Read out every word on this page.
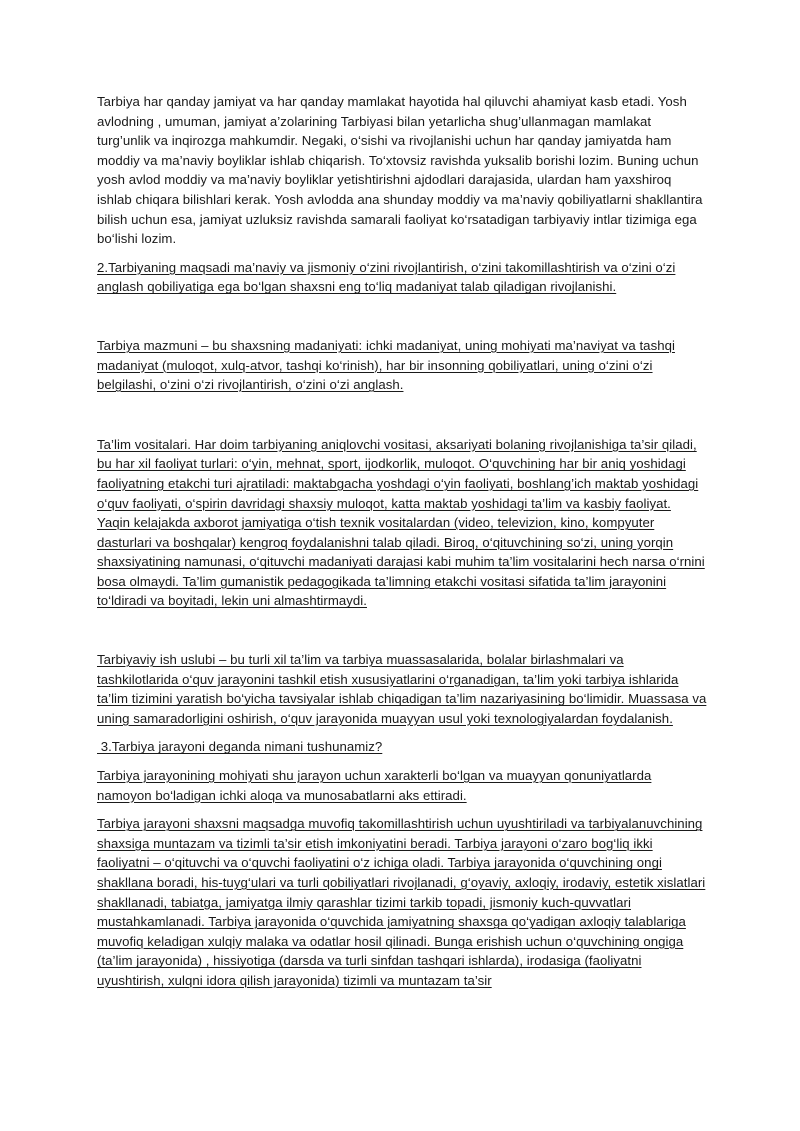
Tarbiya har qanday jamiyat va har qanday mamlakat hayotida hal qiluvchi ahamiyat kasb etadi. Yosh avlodning , umuman, jamiyat a’zolarining Tarbiyasi bilan yetarlicha shug’ullanmagan mamlakat turg’unlik va inqirozga mahkumdir. Negaki, o‘sishi va rivojlanishi uchun har qanday jamiyatda ham moddiy va ma’naviy boyliklar ishlab chiqarish. To‘xtovsiz ravishda yuksalib borishi lozim. Buning uchun yosh avlod moddiy va ma’naviy boyliklar yetishtirishni ajdodlari darajasida, ulardan ham yaxshiroq ishlab chiqara bilishlari kerak. Yosh avlodda ana shunday moddiy va ma’naviy qobiliyatlarni shakllantira bilish uchun esa, jamiyat uzluksiz ravishda samarali faoliyat ko‘rsatadigan tarbiyaviy intlar tizimiga ega bo‘lishi lozim.

2.Tarbiyaning maqsadi ma’naviy va jismoniy o‘zini rivojlantirish, o‘zini takomillashtirish va o‘zini o‘zi anglash qobiliyatiga ega bo‘lgan shaxsni eng to‘liq madaniyat talab qiladigan rivojlanishi.

Tarbiya mazmuni – bu shaxsning madaniyati: ichki madaniyat, uning mohiyati ma’naviyat va tashqi madaniyat (muloqot, xulq-atvor, tashqi ko‘rinish), har bir insonning qobiliyatlari, uning o‘zini o‘zi belgilashi, o‘zini o‘zi rivojlantirish, o‘zini o‘zi anglash.

Ta’lim vositalari. Har doim tarbiyaning aniqlovchi vositasi, aksariyati bolaning rivojlanishiga ta’sir qiladi, bu har xil faoliyat turlari: o‘yin, mehnat, sport, ijodkorlik, muloqot. O‘quvchining har bir aniq yoshidagi faoliyatning etakchi turi ajratiladi: maktabgacha yoshdagi o‘yin faoliyati, boshlang’ich maktab yoshidagi o‘quv faoliyati, o‘spirin davridagi shaxsiy muloqot, katta maktab yoshidagi ta’lim va kasbiy faoliyat. Yaqin kelajakda axborot jamiyatiga o‘tish texnik vositalardan (video, televizion, kino, kompyuter dasturlari va boshqalar) kengroq foydalanishni talab qiladi. Biroq, o‘qituvchining so‘zi, uning yorqin shaxsiyatining namunasi, o‘qituvchi madaniyati darajasi kabi muhim ta’lim vositalarini hech narsa o‘rnini bosa olmaydi. Ta’lim gumanistik pedagogikada ta’limning etakchi vositasi sifatida ta’lim jarayonini to‘ldiradi va boyitadi, lekin uni almashtirmaydi.

Tarbiyaviy ish uslubi – bu turli xil ta’lim va tarbiya muassasalarida, bolalar birlashmalari va tashkilotlarida o‘quv jarayonini tashkil etish xususiyatlarini o‘rganadigan, ta’lim yoki tarbiya ishlarida ta’lim tizimini yaratish bo‘yicha tavsiyalar ishlab chiqadigan ta’lim nazariyasining bo‘limidir. Muassasa va uning samaradorligini oshirish, o‘quv jarayonida muayyan usul yoki texnologiyalardan foydalanish.

3.Tarbiya jarayoni deganda nimani tushunamiz?

Tarbiya jarayonining mohiyati shu jarayon uchun xarakterli bo‘lgan va muayyan qonuniyatlarda namoyon bo‘ladigan ichki aloqa va munosabatlarni aks ettiradi.

Tarbiya jarayoni shaxsni maqsadga muvofiq takomillashtirish uchun uyushtiriladi va tarbiyalanuvchining shaxsiga muntazam va tizimli ta’sir etish imkoniyatini beradi. Tarbiya jarayoni o‘zaro bog‘liq ikki faoliyatni – o‘qituvchi va o‘quvchi faoliyatini o‘z ichiga oladi. Tarbiya jarayonida o‘quvchining ongi shakllana boradi, his-tuyg‘ulari va turli qobiliyatlari rivojlanadi, g‘oyaviy, axloqiy, irodaviy, estetik xislatlari shakllanadi, tabiatga, jamiyatga ilmiy qarashlar tizimi tarkib topadi, jismoniy kuch-quvvatlari mustahkamlanadi. Tarbiya jarayonida o‘quvchida jamiyatning shaxsga qo‘yadigan axloqiy talablariga muvofiq keladigan xulqiy malaka va odatlar hosil qilinadi. Bunga erishish uchun o‘quvchining ongiga (ta’lim jarayonida) , hissiyotiga (darsda va turli sinfdan tashqari ishlarda), irodasiga (faoliyatni uyushtirish, xulqni idora qilish jarayonida) tizimli va muntazam ta’sir
